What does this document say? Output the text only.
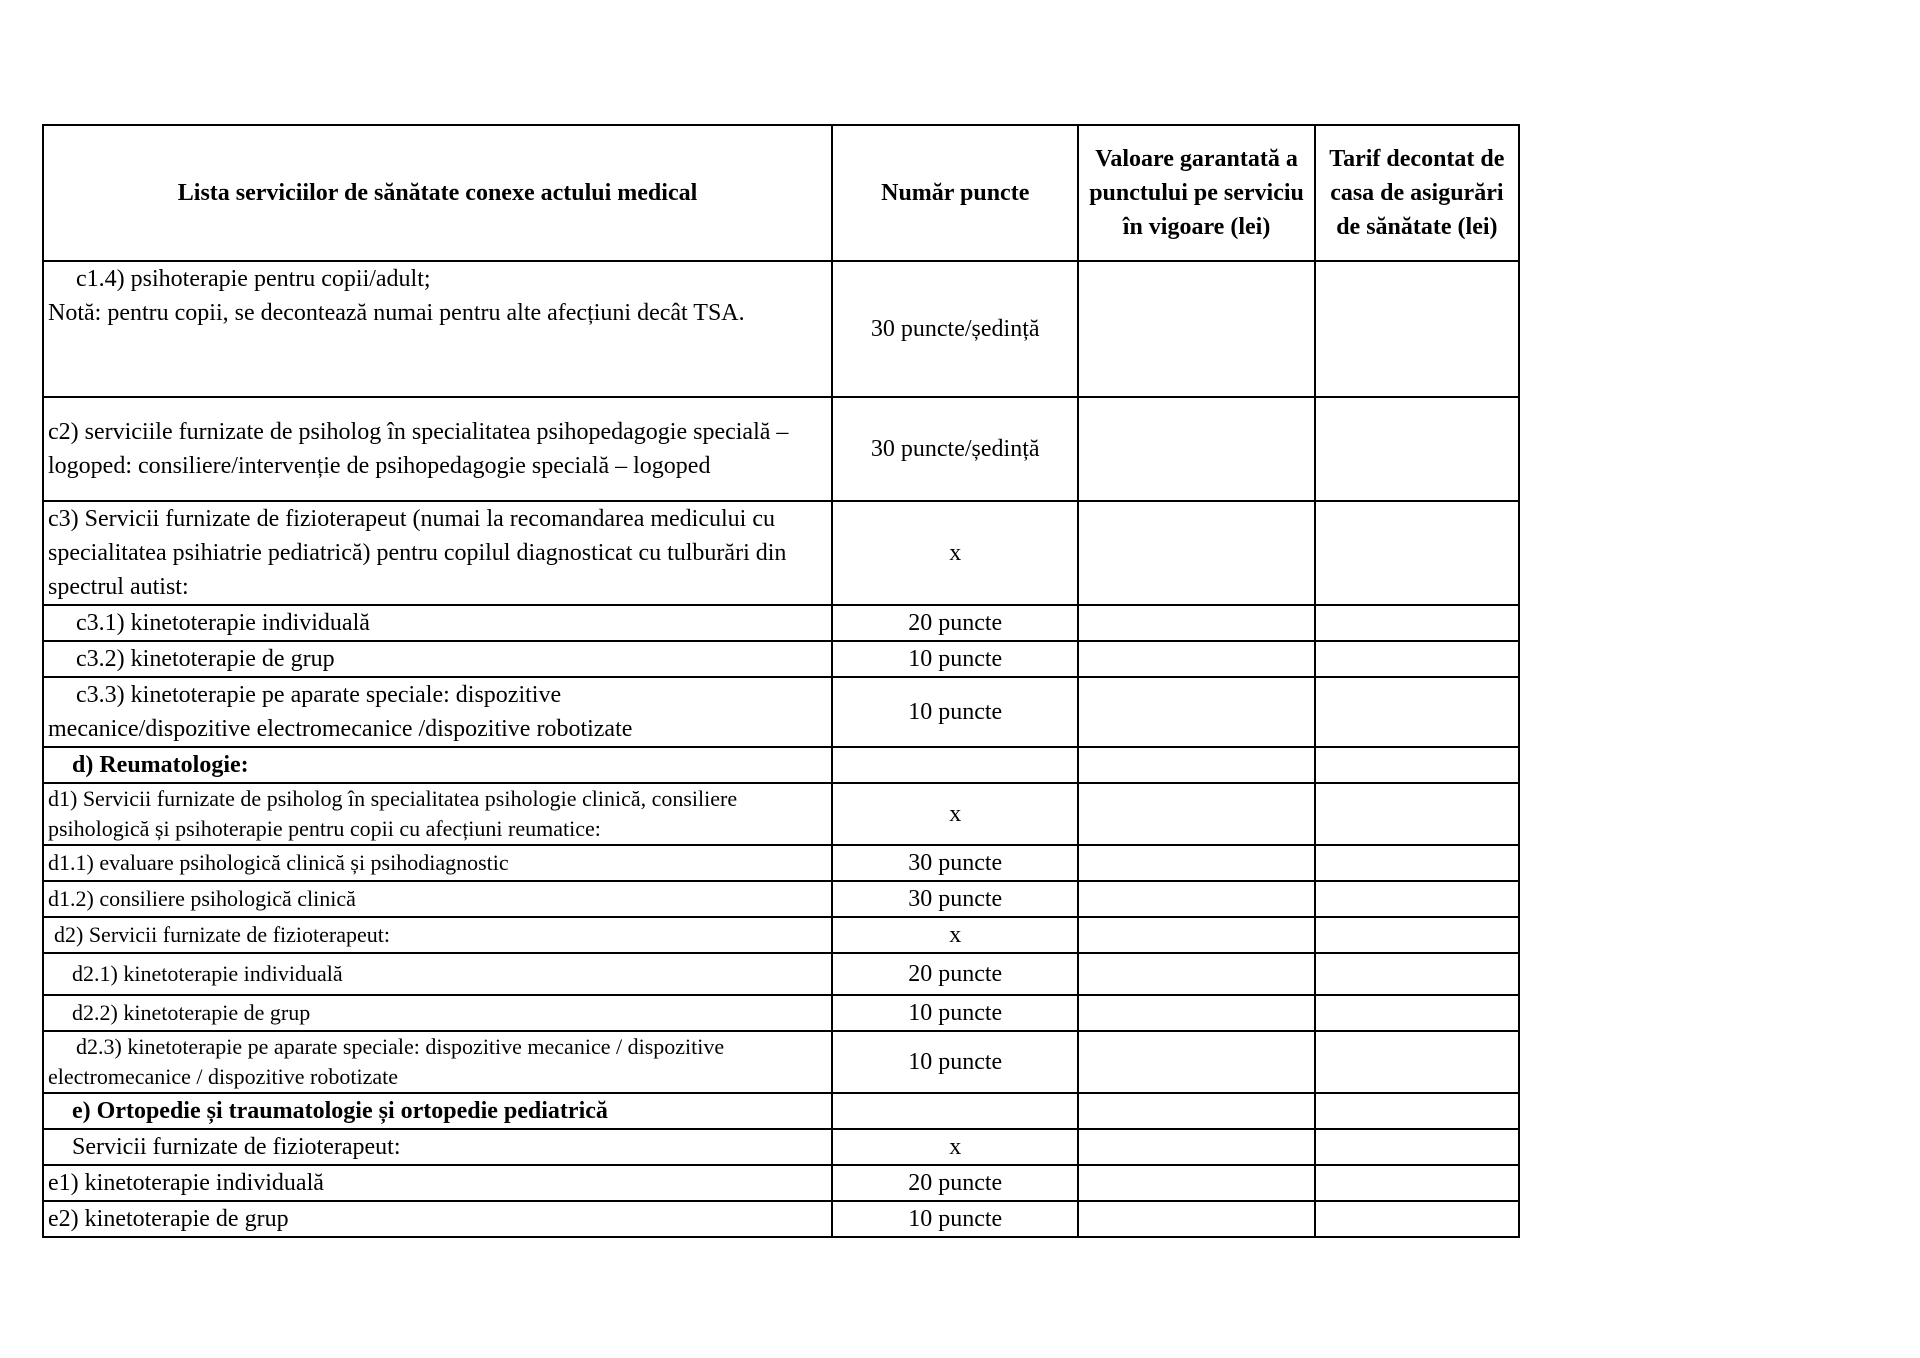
Lista serviciilor de sănătate conexe actului medical	Număr puncte	Valoare garantată a punctului pe serviciu în vigoare (lei)	Tarif decontat de casa de asigurări de sănătate (lei)

c1.4) psihoterapie pentru copii/adult;
Notă: pentru copii, se decontează numai pentru alte afecțiuni decât TSA.	30 puncte/ședință		

c2) serviciile furnizate de psiholog în specialitatea psihopedagogie specială – logoped: consiliere/intervenție de psihopedagogie specială – logoped	30 puncte/ședință		

c3) Servicii furnizate de fizioterapeut (numai la recomandarea medicului cu specialitatea psihiatrie pediatrică) pentru copilul diagnosticat cu tulburări din spectrul autist:	x		
c3.1) kinetoterapie individuală	20 puncte		
c3.2) kinetoterapie de grup	10 puncte		

c3.3) kinetoterapie pe aparate speciale: dispozitive
mecanice/dispozitive electromecanice /dispozitive robotizate	10 puncte		
d) Reumatologie:			

d1) Servicii furnizate de psiholog în specialitatea psihologie clinică, consiliere psihologică și psihoterapie pentru copii cu afecțiuni reumatice:	x		
d1.1) evaluare psihologică clinică și psihodiagnostic	30 puncte		
d1.2) consiliere psihologică clinică	30 puncte		
d2) Servicii furnizate de fizioterapeut:	x		
d2.1) kinetoterapie individuală	20 puncte		
d2.2) kinetoterapie de grup	10 puncte		

d2.3) kinetoterapie pe aparate speciale: dispozitive mecanice / dispozitive
electromecanice / dispozitive robotizate	10 puncte		
e) Ortopedie și traumatologie și ortopedie pediatrică			
Servicii furnizate de fizioterapeut:	x		
e1) kinetoterapie individuală	20 puncte		
e2) kinetoterapie de grup	10 puncte		
